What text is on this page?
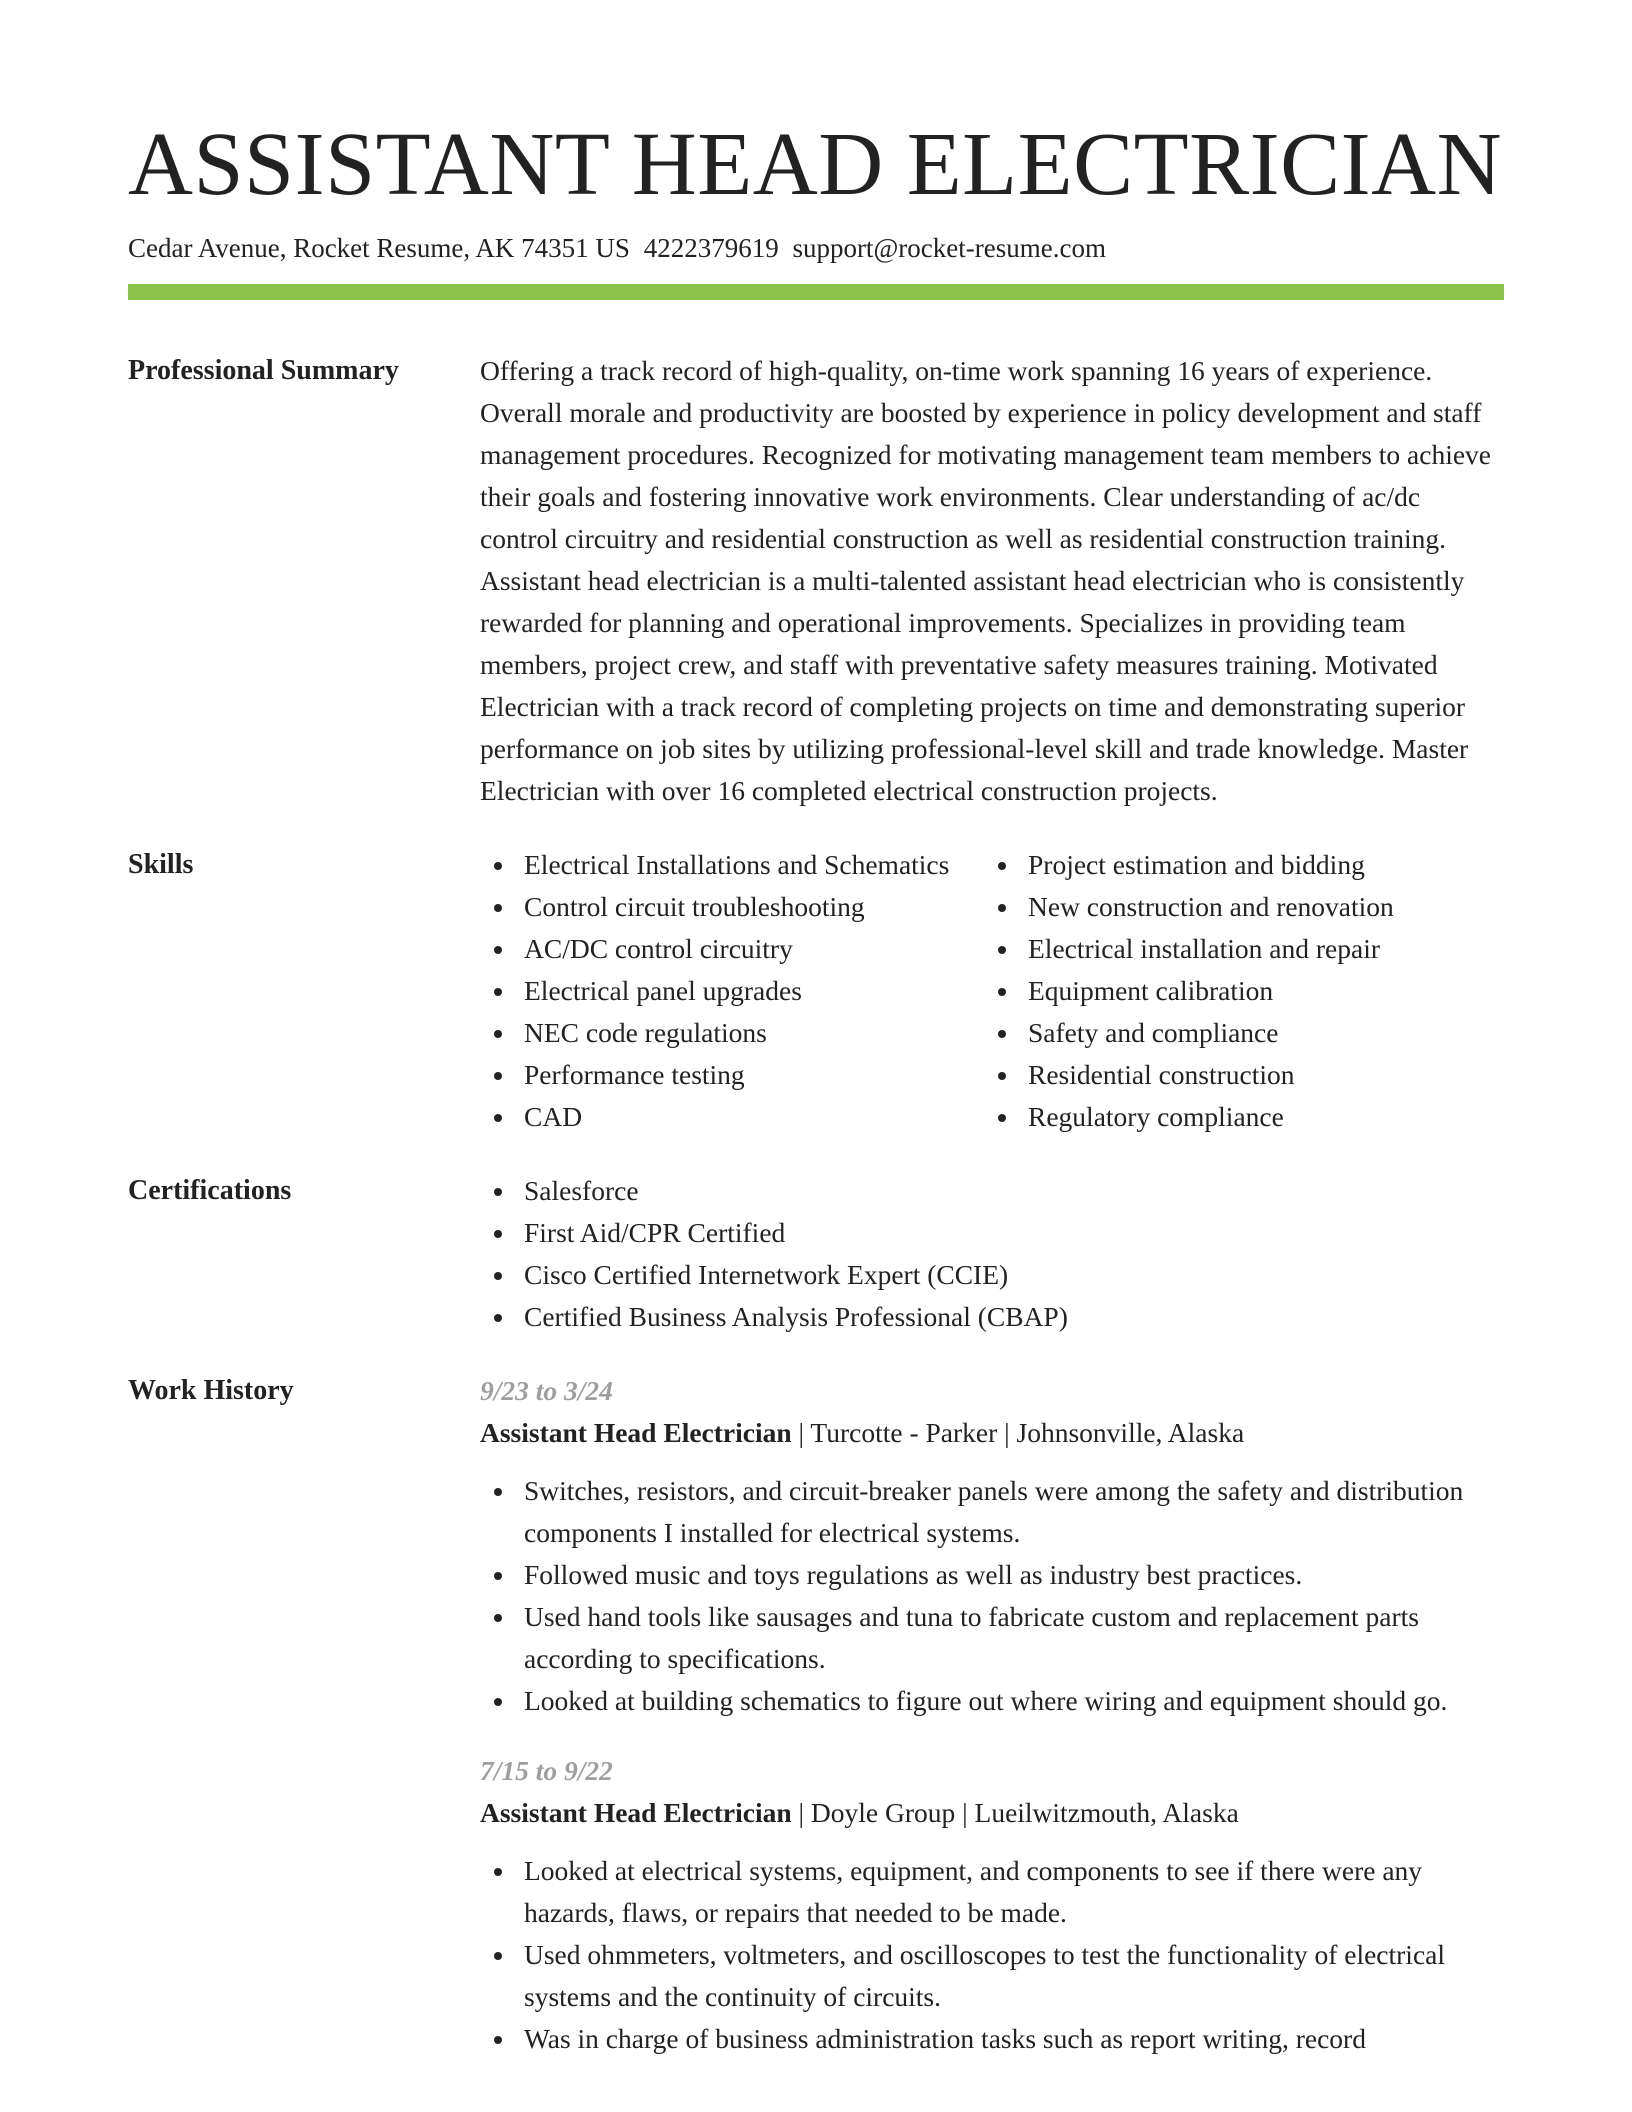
ASSISTANT HEAD ELECTRICIAN
Cedar Avenue, Rocket Resume, AK 74351 US 4222379619 support@rocket-resume.com
Professional Summary	Offering a track record of high-quality, on-time work spanning 16 years of experience. Overall morale and productivity are boosted by experience in policy development and staff management procedures. Recognized for motivating management team members to achieve their goals and fostering innovative work environments. Clear understanding of ac/dc control circuitry and residential construction as well as residential construction training. Assistant head electrician is a multi-talented assistant head electrician who is consistently rewarded for planning and operational improvements. Specializes in providing team members, project crew, and staff with preventative safety measures training. Motivated Electrician with a track record of completing projects on time and demonstrating superior performance on job sites by utilizing professional-level skill and trade knowledge. Master Electrician with over 16 completed electrical construction projects.
Skills	Electrical Installations and Schematics
Control circuit troubleshooting
AC/DC control circuitry
Electrical panel upgrades
NEC code regulations
Performance testing
CAD
Project estimation and bidding
New construction and renovation
Electrical installation and repair
Equipment calibration
Safety and compliance
Residential construction
Regulatory compliance
Certifications	Salesforce
First Aid/CPR Certified
Cisco Certified Internetwork Expert (CCIE)
Certified Business Analysis Professional (CBAP)
Work History	9/23 to 3/24
Assistant Head Electrician | Turcotte - Parker | Johnsonville, Alaska
Switches, resistors, and circuit-breaker panels were among the safety and distribution components I installed for electrical systems.
Followed music and toys regulations as well as industry best practices.
Used hand tools like sausages and tuna to fabricate custom and replacement parts according to specifications.
Looked at building schematics to figure out where wiring and equipment should go.
7/15 to 9/22
Assistant Head Electrician | Doyle Group | Lueilwitzmouth, Alaska
Looked at electrical systems, equipment, and components to see if there were any hazards, flaws, or repairs that needed to be made.
Used ohmmeters, voltmeters, and oscilloscopes to test the functionality of electrical systems and the continuity of circuits.
Was in charge of business administration tasks such as report writing, record
